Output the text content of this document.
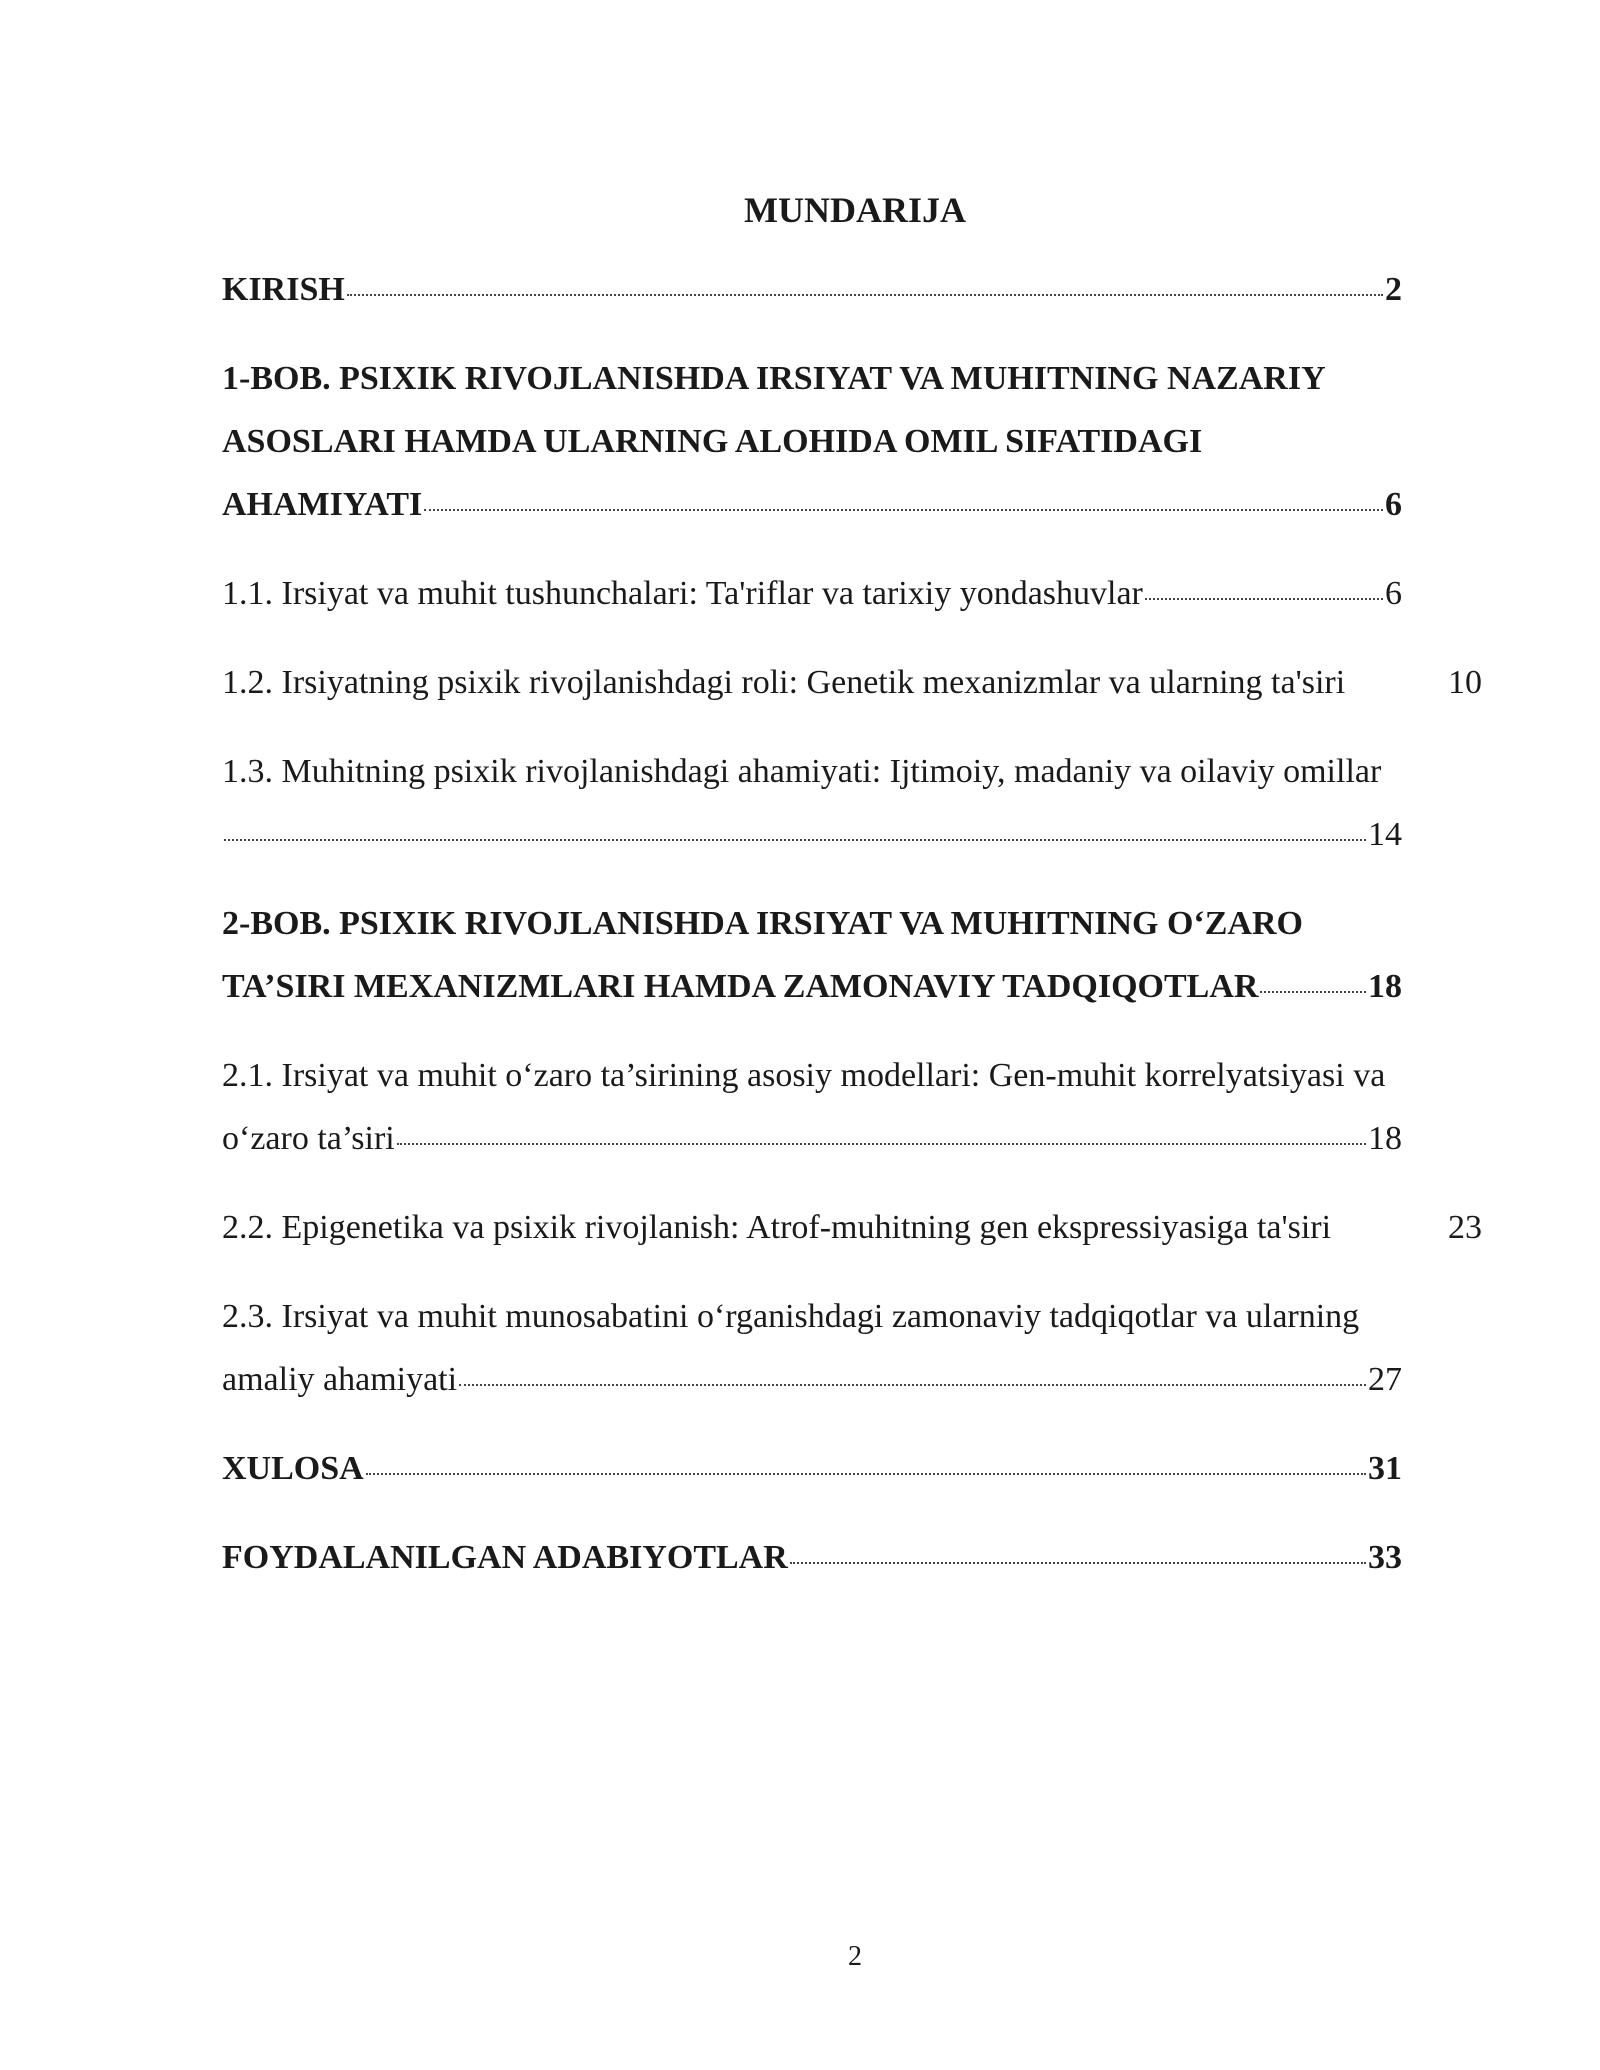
MUNDARIJA
KIRISH	2
1-BOB. PSIXIK RIVOJLANISHDA IRSIYAT VA MUHITNING NAZARIY
ASOSLARI HAMDA ULARNING ALOHIDA OMIL SIFATIDAGI
AHAMIYATI	6
1.1. Irsiyat va muhit tushunchalari: Ta'riflar va tarixiy yondashuvlar	6
1.2. Irsiyatning psixik rivojlanishdagi roli: Genetik mexanizmlar va ularning ta'siri	10
1.3. Muhitning psixik rivojlanishdagi ahamiyati: Ijtimoiy, madaniy va oilaviy omillar
14
2-BOB. PSIXIK RIVOJLANISHDA IRSIYAT VA MUHITNING O‘ZARO
TA’SIRI MEXANIZMLARI HAMDA ZAMONAVIY TADQIQOTLAR	18
2.1. Irsiyat va muhit o‘zaro ta’sirining asosiy modellari: Gen-muhit korrelyatsiyasi va
o‘zaro ta’siri	18
2.2. Epigenetika va psixik rivojlanish: Atrof-muhitning gen ekspressiyasiga ta'siri	23
2.3. Irsiyat va muhit munosabatini o‘rganishdagi zamonaviy tadqiqotlar va ularning
amaliy ahamiyati	27
XULOSA	31
FOYDALANILGAN ADABIYOTLAR	33
2
